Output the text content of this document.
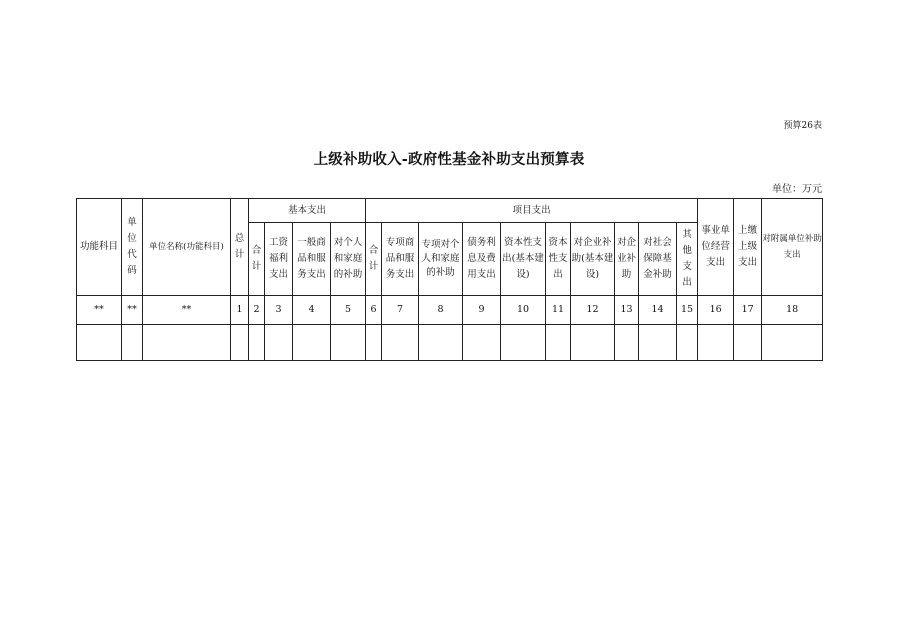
预算26表
上级补助收入-政府性基金补助支出预算表
单位：万元
功能科目	单位代码	单位名称(功能科目)	总计	基本支出				项目支出										事业单位经营支出	上缴上级支出	对附属单位补助支出

				合计	工资福利支出	一般商品和服务支出	对个人和家庭的补助	合计	专项商品和服务支出	专项对个人和家庭的补助	债务利息及费用支出	资本性支出(基本建设)	资本性支出	对企业补助(基本建设)	对企业补助	对社会保障基金补助	其他支出			

**	**	**	1	2	3	4	5	6	7	8	9	10	11	12	13	14	15	16	17	18
